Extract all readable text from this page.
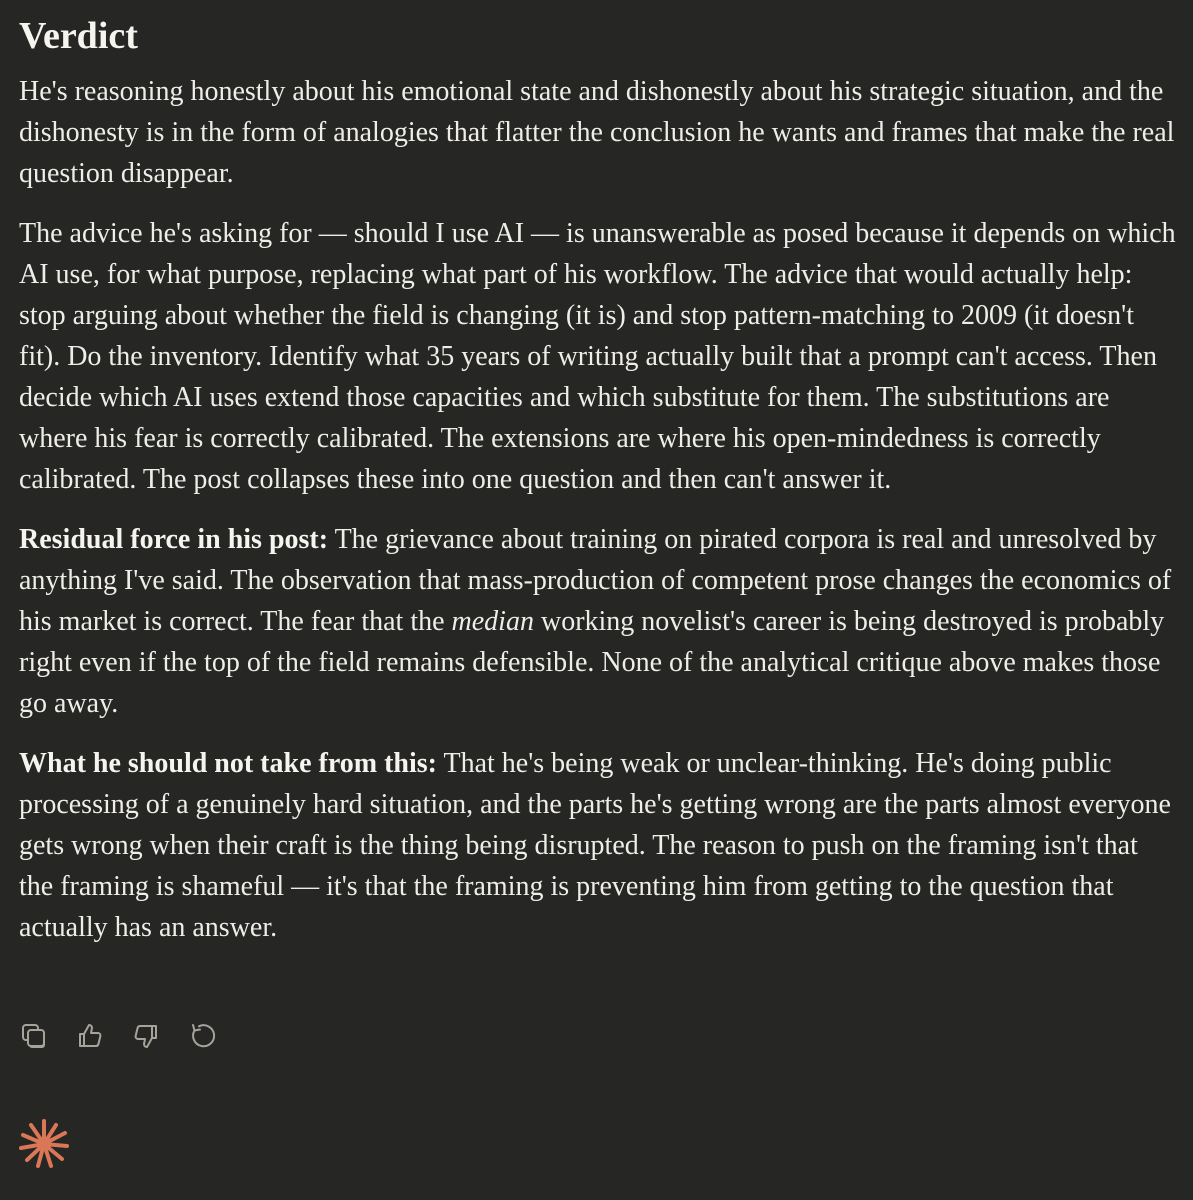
Verdict

He's reasoning honestly about his emotional state and dishonestly about his strategic situation, and the dishonesty is in the form of analogies that flatter the conclusion he wants and frames that make the real question disappear.

The advice he's asking for — should I use AI — is unanswerable as posed because it depends on which AI use, for what purpose, replacing what part of his workflow. The advice that would actually help: stop arguing about whether the field is changing (it is) and stop pattern-matching to 2009 (it doesn't fit). Do the inventory. Identify what 35 years of writing actually built that a prompt can't access. Then decide which AI uses extend those capacities and which substitute for them. The substitutions are where his fear is correctly calibrated. The extensions are where his open-mindedness is correctly calibrated. The post collapses these into one question and then can't answer it.

Residual force in his post: The grievance about training on pirated corpora is real and unresolved by anything I've said. The observation that mass-production of competent prose changes the economics of his market is correct. The fear that the median working novelist's career is being destroyed is probably right even if the top of the field remains defensible. None of the analytical critique above makes those go away.

What he should not take from this: That he's being weak or unclear-thinking. He's doing public processing of a genuinely hard situation, and the parts he's getting wrong are the parts almost everyone gets wrong when their craft is the thing being disrupted. The reason to push on the framing isn't that the framing is shameful — it's that the framing is preventing him from getting to the question that actually has an answer.
